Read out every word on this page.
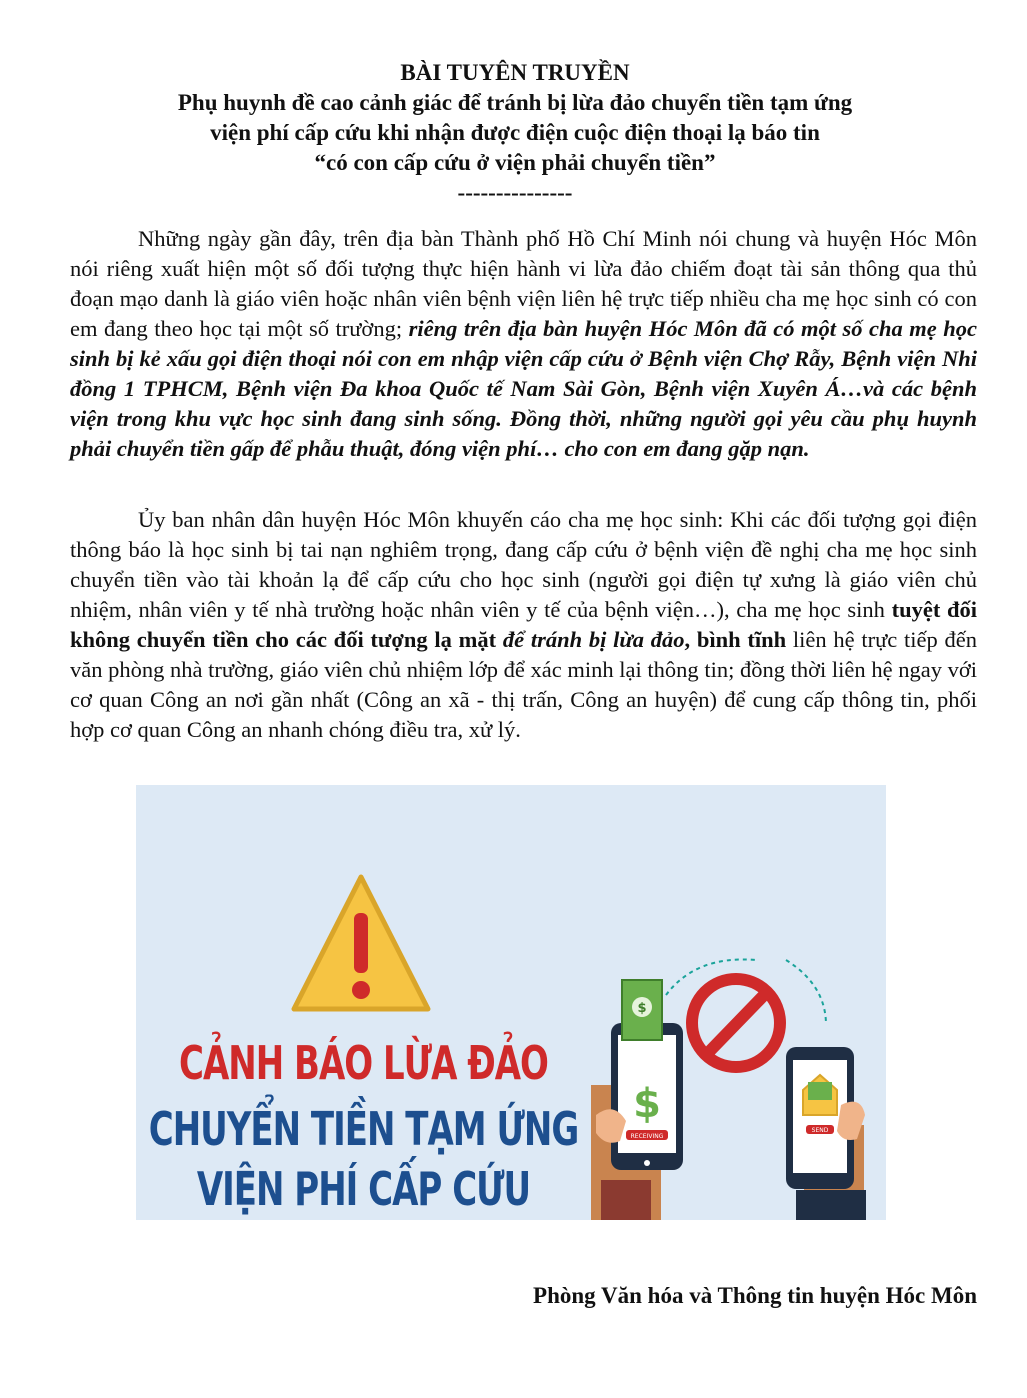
BÀI TUYÊN TRUYỀN
Phụ huynh đề cao cảnh giác để tránh bị lừa đảo chuyển tiền tạm ứng
viện phí cấp cứu khi nhận được điện cuộc điện thoại lạ báo tin
“có con cấp cứu ở viện phải chuyển tiền”
---------------

Những ngày gần đây, trên địa bàn Thành phố Hồ Chí Minh nói chung và huyện Hóc Môn nói riêng xuất hiện một số đối tượng thực hiện hành vi lừa đảo chiếm đoạt tài sản thông qua thủ đoạn mạo danh là giáo viên hoặc nhân viên bệnh viện liên hệ trực tiếp nhiều cha mẹ học sinh có con em đang theo học tại một số trường; riêng trên địa bàn huyện Hóc Môn đã có một số cha mẹ học sinh bị kẻ xấu gọi điện thoại nói con em nhập viện cấp cứu ở Bệnh viện Chợ Rẫy, Bệnh viện Nhi đồng 1 TPHCM, Bệnh viện Đa khoa Quốc tế Nam Sài Gòn, Bệnh viện Xuyên Á…và các bệnh viện trong khu vực học sinh đang sinh sống. Đồng thời, những người gọi yêu cầu phụ huynh phải chuyển tiền gấp để phẫu thuật, đóng viện phí… cho con em đang gặp nạn.

Ủy ban nhân dân huyện Hóc Môn khuyến cáo cha mẹ học sinh: Khi các đối tượng gọi điện thông báo là học sinh bị tai nạn nghiêm trọng, đang cấp cứu ở bệnh viện đề nghị cha mẹ học sinh chuyển tiền vào tài khoản lạ để cấp cứu cho học sinh (người gọi điện tự xưng là giáo viên chủ nhiệm, nhân viên y tế nhà trường hoặc nhân viên y tế của bệnh viện…), cha mẹ học sinh tuyệt đối không chuyển tiền cho các đối tượng lạ mặt để tránh bị lừa đảo, bình tĩnh liên hệ trực tiếp đến văn phòng nhà trường, giáo viên chủ nhiệm lớp để xác minh lại thông tin; đồng thời liên hệ ngay với cơ quan Công an nơi gần nhất (Công an xã - thị trấn, Công an huyện) để cung cấp thông tin, phối hợp cơ quan Công an nhanh chóng điều tra, xử lý.

$
$
RECEIVING
SEND
CẢNH BÁO LỪA ĐẢO
CHUYỂN TIỀN TẠM ỨNG
VIỆN PHÍ CẤP CỨU
Phòng Văn hóa và Thông tin huyện Hóc Môn
